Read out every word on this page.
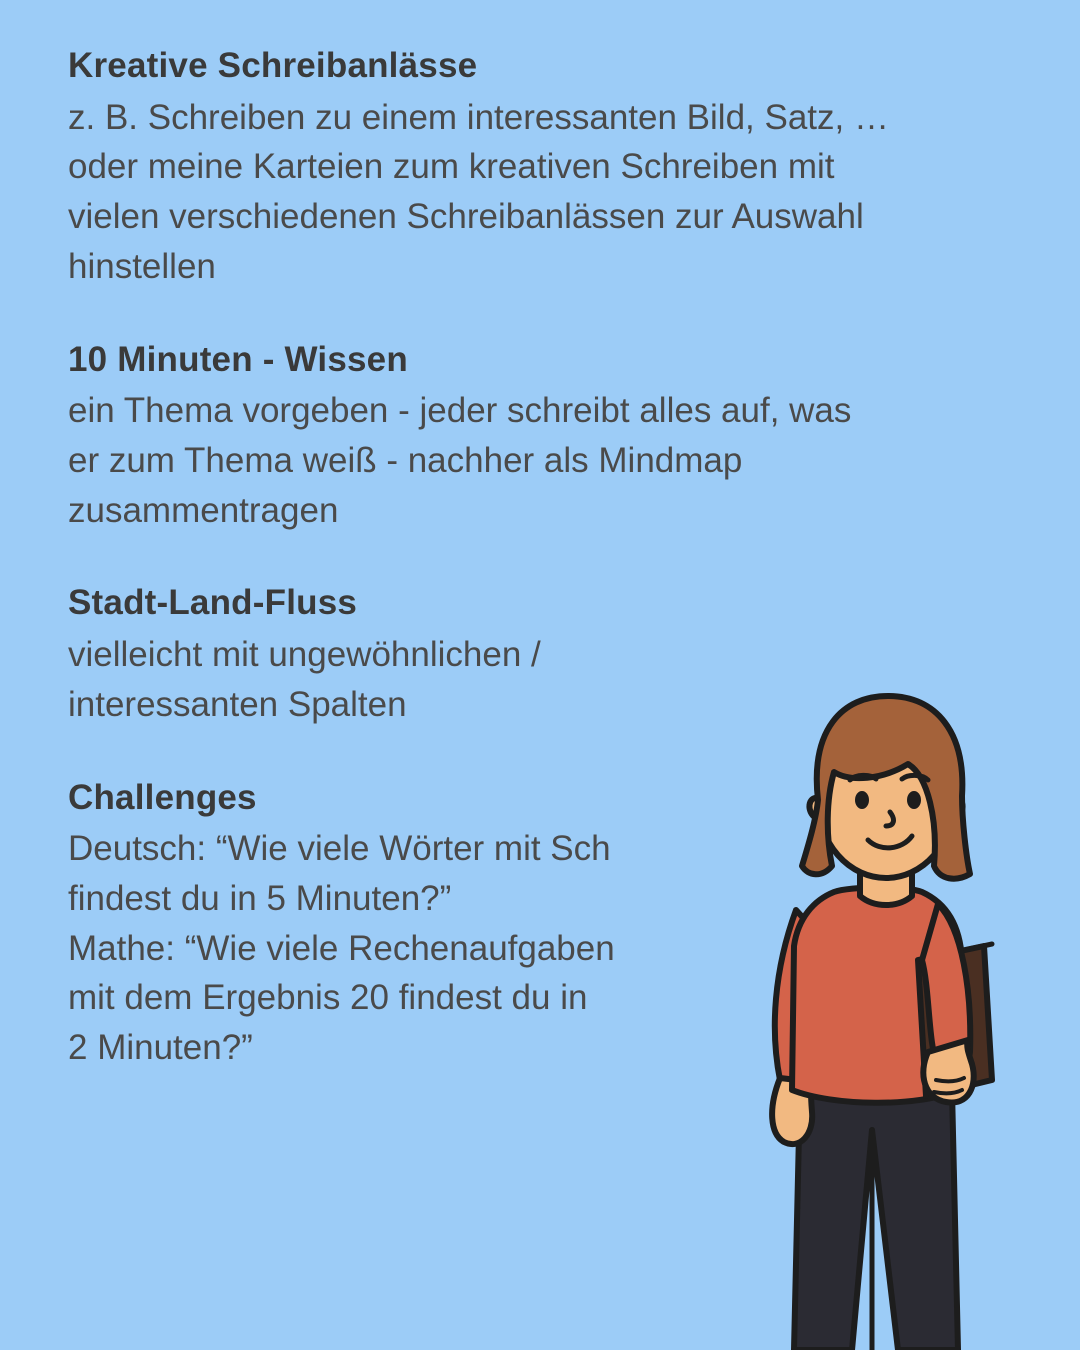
Kreative Schreibanlässe

z. B. Schreiben zu einem interessanten Bild, Satz, …
oder meine Karteien zum kreativen Schreiben mit
vielen verschiedenen Schreibanlässen zur Auswahl
hinstellen

10 Minuten - Wissen

ein Thema vorgeben - jeder schreibt alles auf, was
er zum Thema weiß - nachher als Mindmap
zusammentragen

Stadt-Land-Fluss

vielleicht mit ungewöhnlichen /
interessanten Spalten

Challenges

Deutsch: “Wie viele Wörter mit Sch
findest du in 5 Minuten?”
Mathe: “Wie viele Rechenaufgaben
mit dem Ergebnis 20 findest du in
2 Minuten?”
